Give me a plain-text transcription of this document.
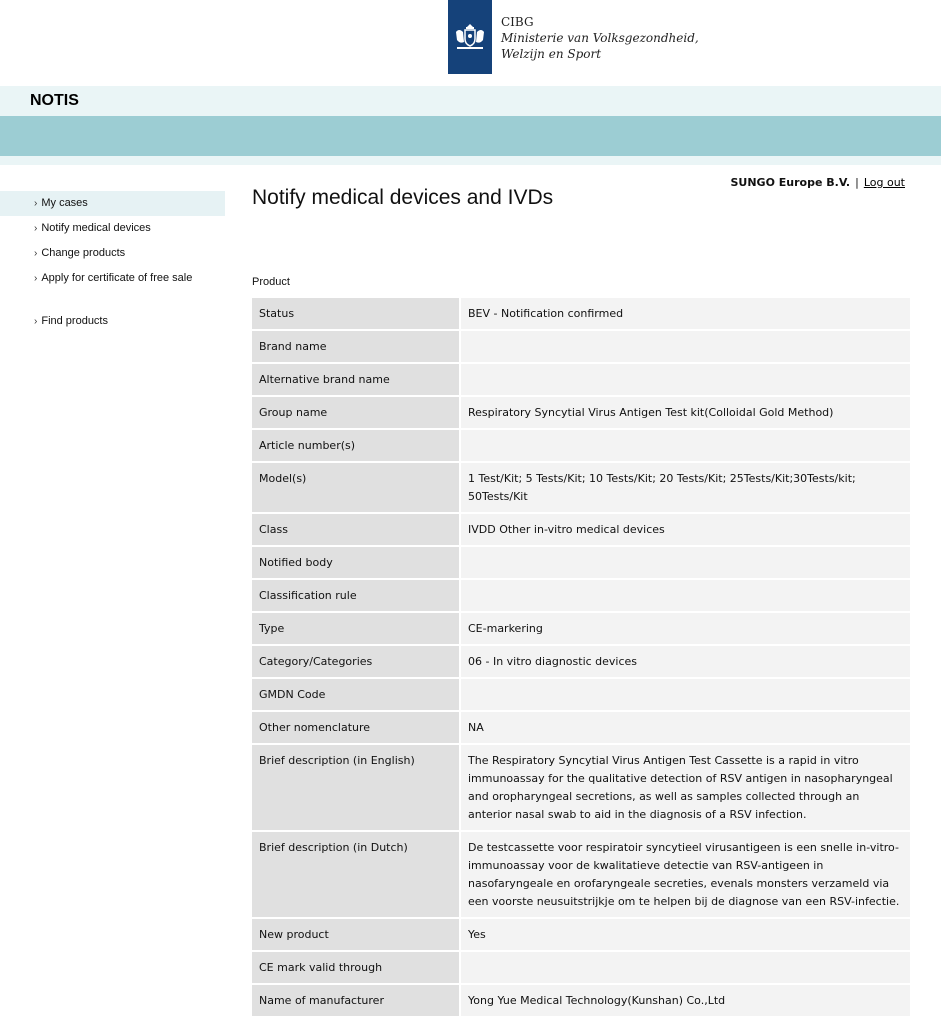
CIBG
Ministerie van Volksgezondheid,
Welzijn en Sport
NOTIS
› My cases
› Notify medical devices
› Change products
› Apply for certificate of free sale
› Find products
SUNGO Europe B.V. | Log out
Notify medical devices and IVDs
Product
Status	BEV - Notification confirmed
Brand name	
Alternative brand name	
Group name	Respiratory Syncytial Virus Antigen Test kit(Colloidal Gold Method)
Article number(s)	
Model(s)	1 Test/Kit; 5 Tests/Kit; 10 Tests/Kit; 20 Tests/Kit; 25Tests/Kit;30Tests/kit; 50Tests/Kit
Class	IVDD Other in-vitro medical devices
Notified body	
Classification rule	
Type	CE-markering
Category/Categories	06 - In vitro diagnostic devices
GMDN Code	
Other nomenclature	NA
Brief description (in English)	The Respiratory Syncytial Virus Antigen Test Cassette is a rapid in vitro immunoassay for the qualitative detection of RSV antigen in nasopharyngeal and oropharyngeal secretions, as well as samples collected through an anterior nasal swab to aid in the diagnosis of a RSV infection.
Brief description (in Dutch)	De testcassette voor respiratoir syncytieel virusantigeen is een snelle in-vitro-immunoassay voor de kwalitatieve detectie van RSV-antigeen in nasofaryngeale en orofaryngeale secreties, evenals monsters verzameld via een voorste neusuitstrijkje om te helpen bij de diagnose van een RSV-infectie.
New product	Yes
CE mark valid through	
Name of manufacturer	Yong Yue Medical Technology(Kunshan) Co.,Ltd
